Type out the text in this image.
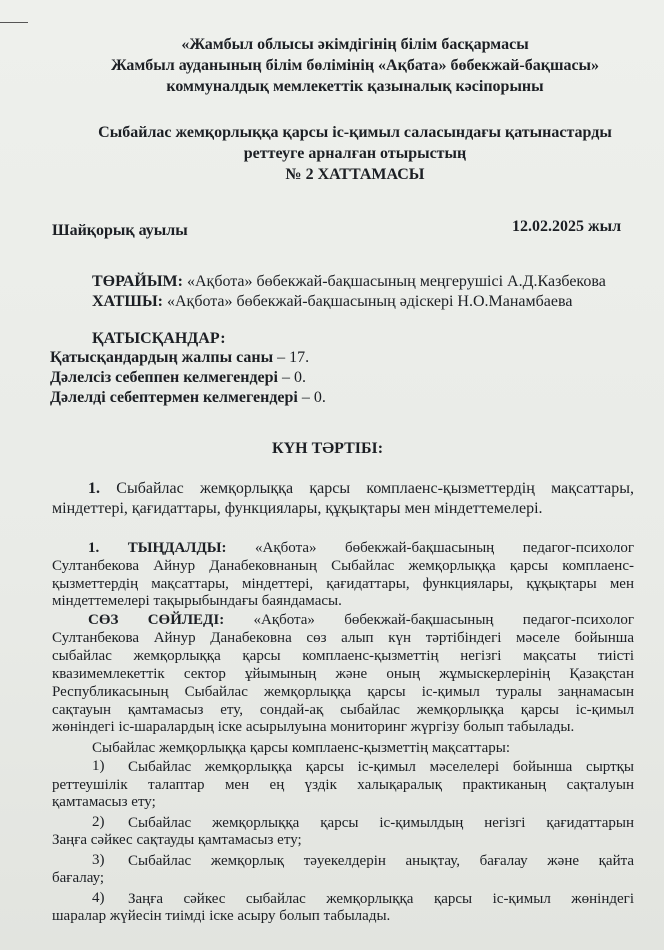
«Жамбыл облысы әкімдігінің білім басқармасы
Жамбыл ауданының білім бөлімінің «Ақбата» бөбекжай-бақшасы»
коммуналдық мемлекеттік қазыналық кәсіпорыны
Сыбайлас жемқорлыққа қарсы іс-қимыл саласындағы қатынастарды
реттеуге арналған отырыстың
№ 2 ХАТТАМАСЫ
Шайқорық ауылы	12.02.2025 жыл
ТӨРАЙЫМ: «Ақбота» бөбекжай-бақшасының меңгерушісі А.Д.Казбекова
ХАТШЫ: «Ақбота» бөбекжай-бақшасының әдіскері Н.О.Манамбаева
ҚАТЫСҚАНДАР:
Қатысқандардың жалпы саны – 17.
Дәлелсіз себеппен келмегендері – 0.
Дәлелді себептермен келмегендері – 0.
КҮН ТӘРТІБІ:
1. Сыбайлас жемқорлыққа қарсы комплаенс-қызметтердің мақсаттары,
міндеттері, қағидаттары, функциялары, құқықтары мен міндеттемелері.
1. ТЫҢДАЛДЫ: «Ақбота» бөбекжай-бақшасының педагог-психолог
Султанбекова Айнур Данабековнаның Сыбайлас жемқорлыққа қарсы комплаенс-
қызметтердің мақсаттары, міндеттері, қағидаттары, функциялары, құқықтары мен
міндеттемелері тақырыбындағы баяндамасы.
СӨЗ СӨЙЛЕДІ: «Ақбота» бөбекжай-бақшасының педагог-психолог
Султанбекова Айнур Данабековна сөз алып күн тәртібіндегі мәселе бойынша
сыбайлас жемқорлыққа қарсы комплаенс-қызметтің негізгі мақсаты тиісті
квазимемлекеттік сектор ұйымының және оның жұмыскерлерінің Қазақстан
Республикасының Сыбайлас жемқорлыққа қарсы іс-қимыл туралы заңнамасын
сақтауын қамтамасыз ету, сондай-ақ сыбайлас жемқорлыққа қарсы іс-қимыл
жөніндегі іс-шаралардың іске асырылуына мониторинг жүргізу болып табылады.
Сыбайлас жемқорлыққа қарсы комплаенс-қызметтің мақсаттары:
1) Сыбайлас жемқорлыққа қарсы іс-қимыл мәселелері бойынша сыртқы
реттеушілік талаптар мен ең үздік халықаралық практиканың сақталуын
қамтамасыз ету;
2) Сыбайлас жемқорлыққа қарсы іс-қимылдың негізгі қағидаттарын
Заңға сәйкес сақтауды қамтамасыз ету;
3) Сыбайлас жемқорлық тәуекелдерін анықтау, бағалау және қайта
бағалау;
4) Заңға сәйкес сыбайлас жемқорлыққа қарсы іс-қимыл жөніндегі
шаралар жүйесін тиімді іске асыру болып табылады.
